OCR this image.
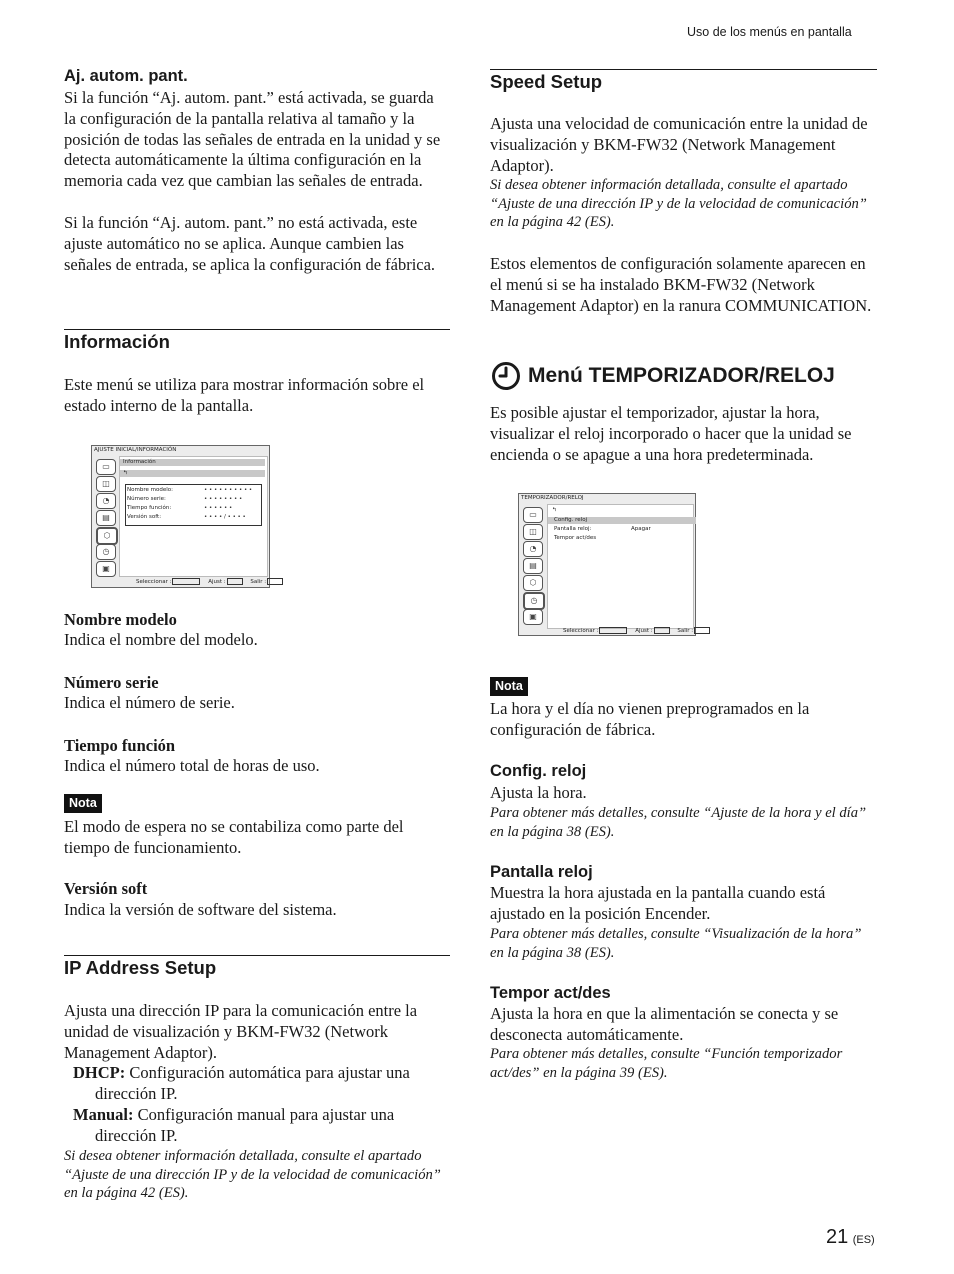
Uso de los menús en pantalla
Aj. autom. pant.
Si la función “Aj. autom. pant.” está activada, se guarda la configuración de la pantalla relativa al tamaño y la posición de todas las señales de entrada en la unidad y se detecta automáticamente la última configuración en la memoria cada vez que cambian las señales de entrada.
Si la función “Aj. autom. pant.” no está activada, este ajuste automático no se aplica. Aunque cambien las señales de entrada, se aplica la configuración de fábrica.
Información
Este menú se utiliza para mostrar información sobre el estado interno de la pantalla.
AJUSTE INICIAL/INFORMACIÓN
▭
◫
◔
▤
⬡
◷
▣
Información
↰
Nombre modelo:	• • • • • • • • • •
Número serie:	• • • • • • • •
Tiempo función:	• • • • • •
Versión soft:	• • • • / • • • •
Seleccionar :	Ajust :	Salir :
Nombre modelo
Indica el nombre del modelo.
Número serie
Indica el número de serie.
Tiempo función
Indica el número total de horas de uso.
Nota
El modo de espera no se contabiliza como parte del tiempo de funcionamiento.
Versión soft
Indica la versión de software del sistema.
IP Address Setup
Ajusta una dirección IP para la comunicación entre la unidad de visualización y BKM-FW32 (Network Management Adaptor).
DHCP: Configuración automática para ajustar una
dirección IP.
Manual: Configuración manual para ajustar una
dirección IP.
Si desea obtener información detallada, consulte el apartado “Ajuste de una dirección IP y de la velocidad de comunicación” en la página 42 (ES).
Speed Setup
Ajusta una velocidad de comunicación entre la unidad de visualización y BKM-FW32 (Network Management Adaptor).
Si desea obtener información detallada, consulte el apartado “Ajuste de una dirección IP y de la velocidad de comunicación” en la página 42 (ES).
Estos elementos de configuración solamente aparecen en el menú si se ha instalado BKM-FW32 (Network Management Adaptor) en la ranura COMMUNICATION.
Menú TEMPORIZADOR/RELOJ
Es posible ajustar el temporizador, ajustar la hora, visualizar el reloj incorporado o hacer que la unidad se encienda o se apague a una hora predeterminada.
TEMPORIZADOR/RELOJ
▭
◫
◔
▤
⬡
◷
▣
↰
Config. reloj
Pantalla reloj:	Apagar
Tempor act/des
Seleccionar :	Ajust :	Salir :
Nota
La hora y el día no vienen preprogramados en la configuración de fábrica.
Config. reloj
Ajusta la hora.
Para obtener más detalles, consulte “Ajuste de la hora y el día” en la página 38 (ES).
Pantalla reloj
Muestra la hora ajustada en la pantalla cuando está ajustado en la posición Encender.
Para obtener más detalles, consulte “Visualización de la hora” en la página 38 (ES).
Tempor act/des
Ajusta la hora en que la alimentación se conecta y se desconecta automáticamente.
Para obtener más detalles, consulte “Función temporizador act/des” en la página 39 (ES).
21 (ES)
